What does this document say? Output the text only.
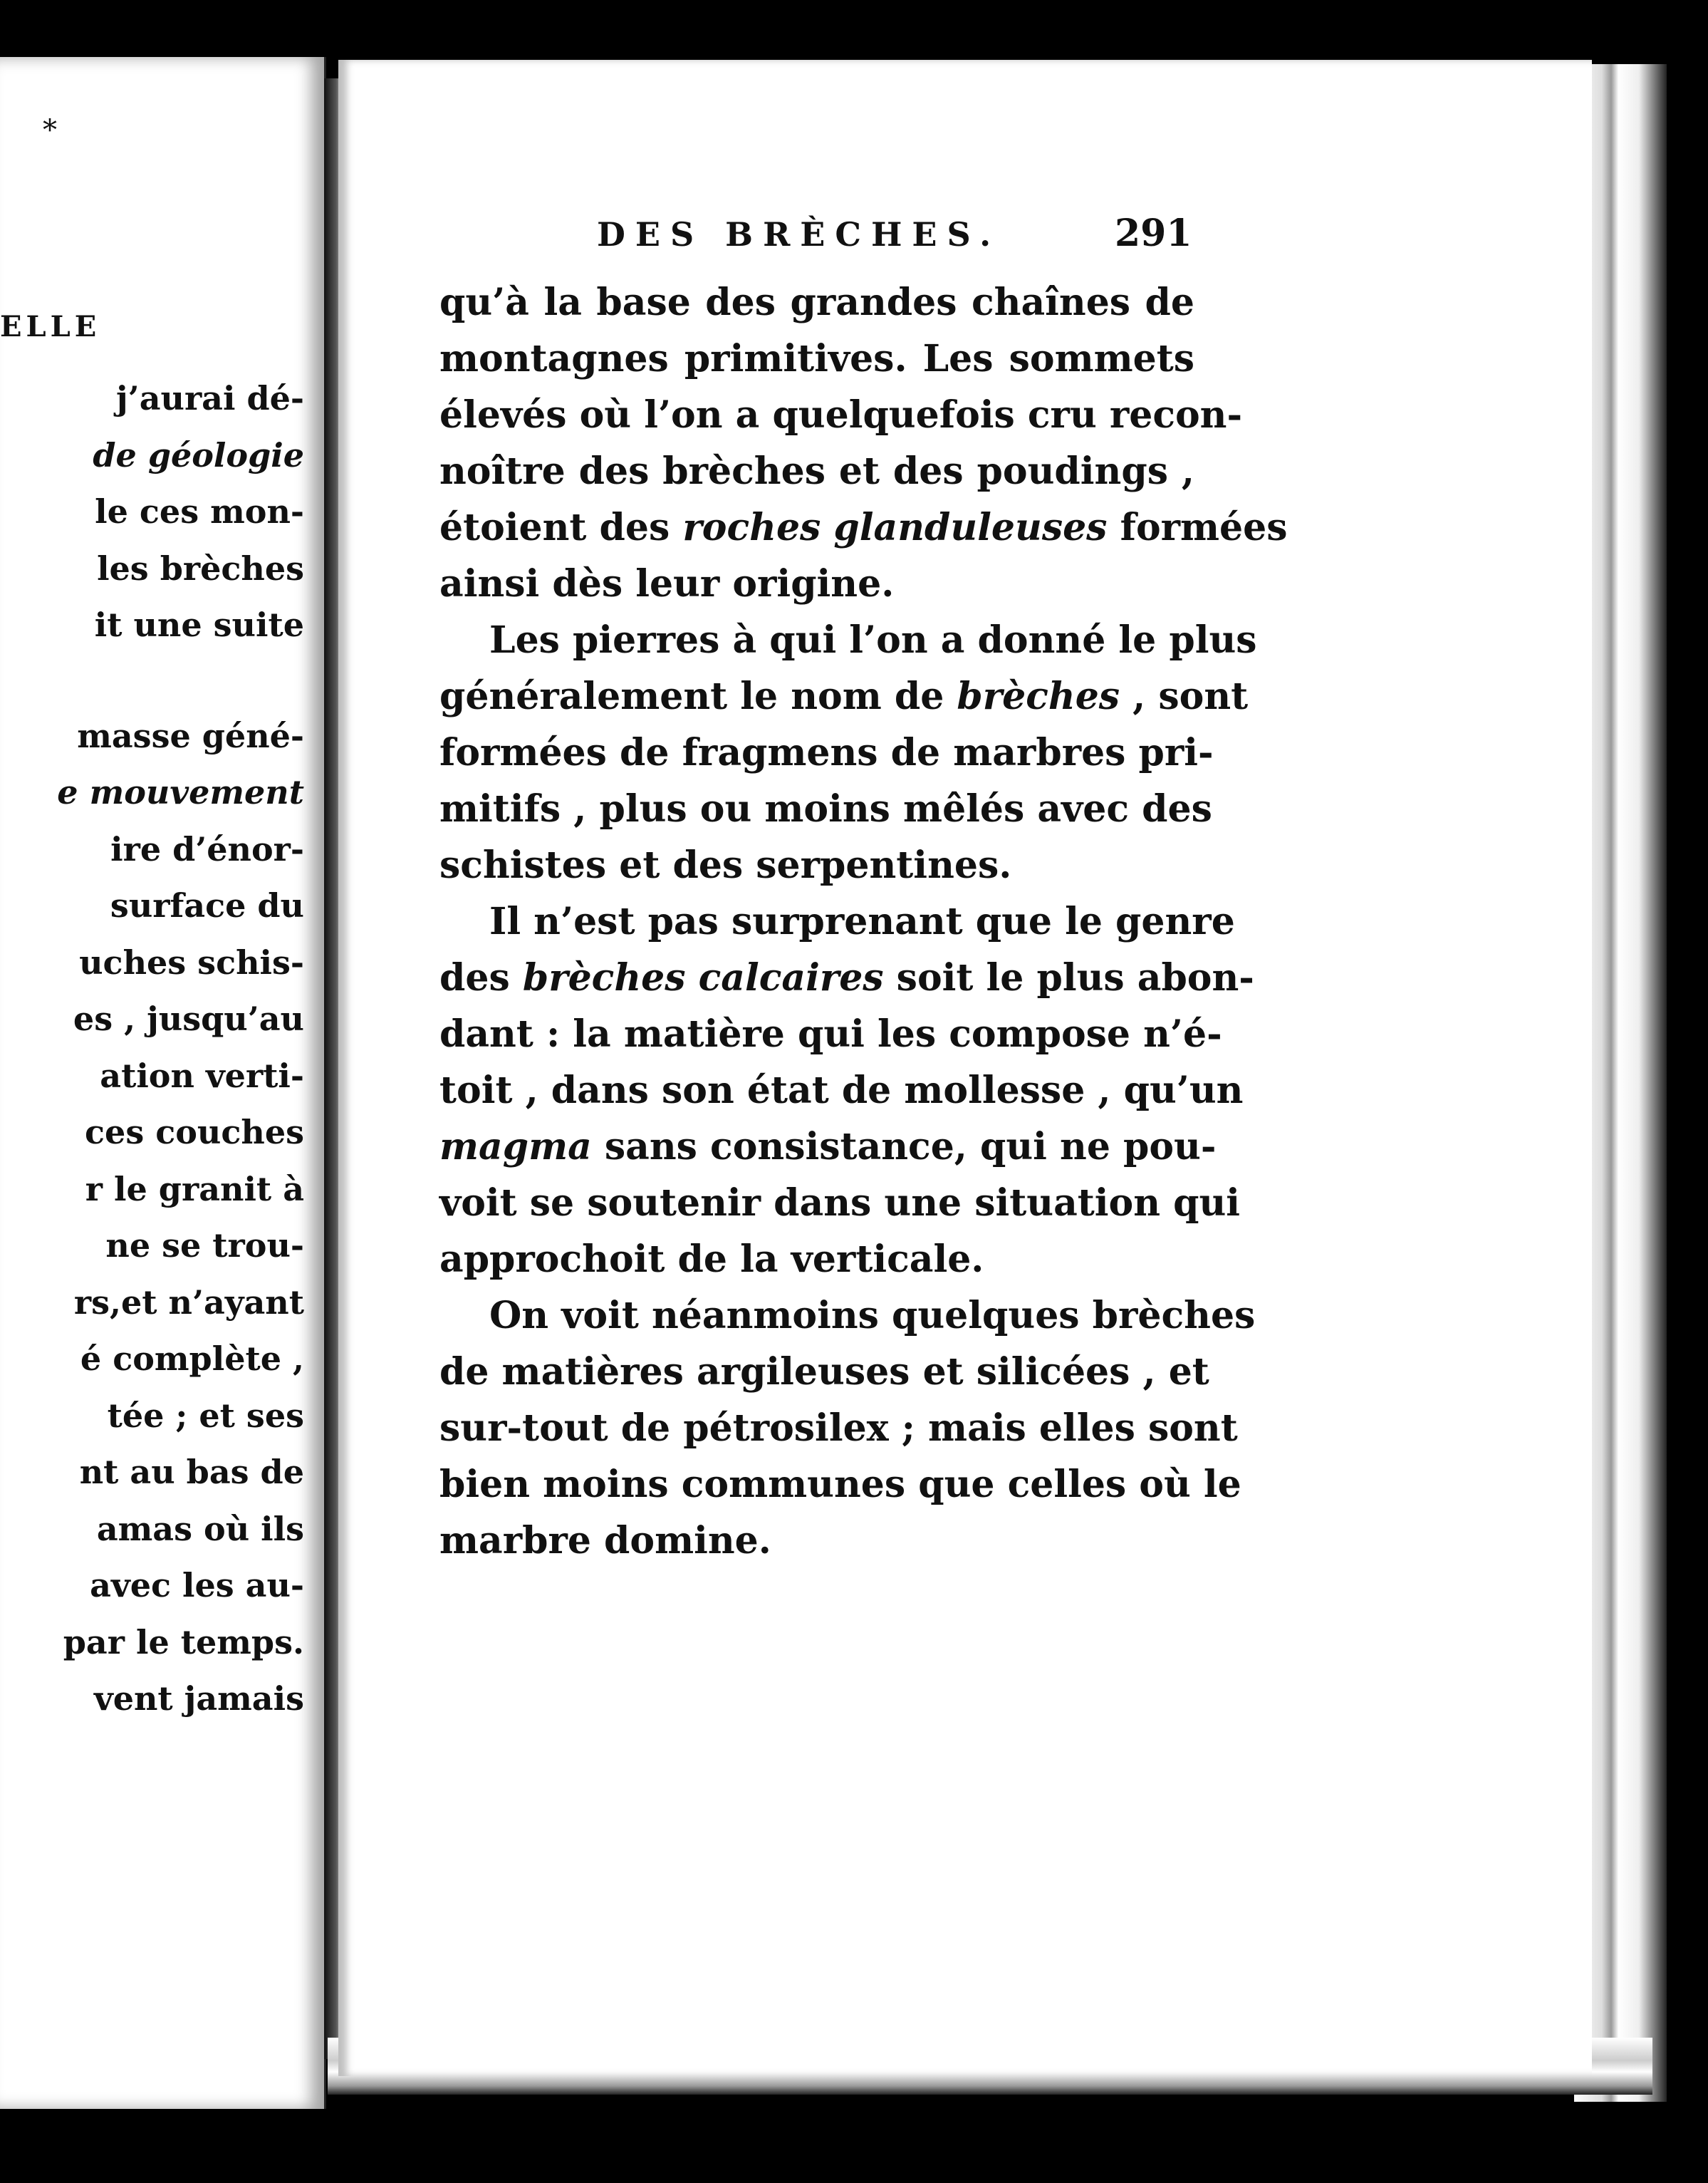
*
ELLE
j’aurai dé-
de géologie
le ces mon-
les brèches
it une suite
masse géné-
e mouvement
ire d’énor-
surface du
uches schis-
es , jusqu’au
ation verti-
ces couches
r le granit à
ne se trou-
rs,et n’ayant
é complète ,
tée ; et ses
nt au bas de
amas où ils
avec les au-
par le temps.
vent jamais
DES BRÈCHES.	291
qu’à la base des grandes chaînes de
montagnes primitives. Les sommets
élevés où l’on a quelquefois cru recon-
noître des brèches et des poudings ,
étoient des roches glanduleuses formées
ainsi dès leur origine.
Les pierres à qui l’on a donné le plus
généralement le nom de brèches , sont
formées de fragmens de marbres pri-
mitifs , plus ou moins mêlés avec des
schistes et des serpentines.
Il n’est pas surprenant que le genre
des brèches calcaires soit le plus abon-
dant : la matière qui les compose n’é-
toit , dans son état de mollesse , qu’un
magma sans consistance, qui ne pou-
voit se soutenir dans une situation qui
approchoit de la verticale.
On voit néanmoins quelques brèches
de matières argileuses et silicées , et
sur-tout de pétrosilex ; mais elles sont
bien moins communes que celles où le
marbre domine.
